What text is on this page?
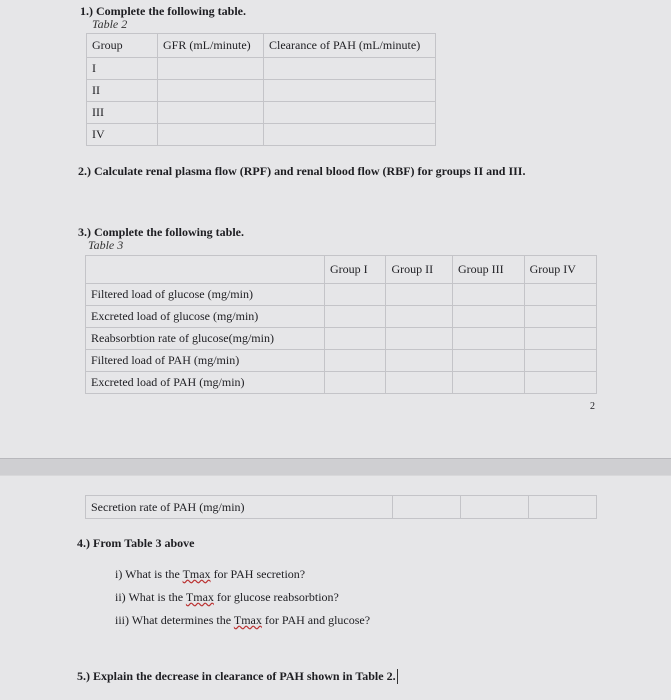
1.) Complete the following table.
Table 2
Group	GFR (mL/minute)	Clearance of PAH (mL/minute)
I		
II		
III		
IV		
2.) Calculate renal plasma flow (RPF) and renal blood flow (RBF) for groups II and III.
3.) Complete the following table.
Table 3
	Group I	Group II	Group III	Group IV
Filtered load of glucose (mg/min)				
Excreted load of glucose (mg/min)				
Reabsorbtion rate of glucose(mg/min)				
Filtered load of PAH (mg/min)				
Excreted load of PAH (mg/min)				
2
Secretion rate of PAH (mg/min)			
4.) From Table 3 above
i) What is the Tmax for PAH secretion?
ii) What is the Tmax for glucose reabsorbtion?
iii) What determines the Tmax for PAH and glucose?
5.) Explain the decrease in clearance of PAH shown in Table 2.
